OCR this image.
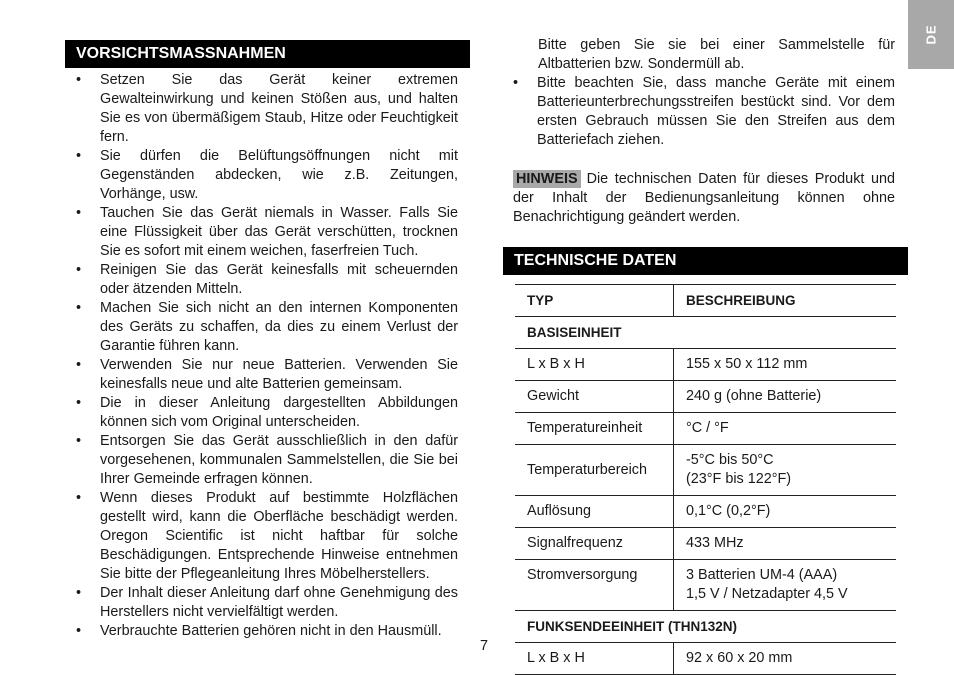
DE
VORSICHTSMASSNAHMEN
• Setzen Sie das Gerät keiner extremen Gewalteinwirkung und keinen Stößen aus, und halten Sie es von übermäßigem Staub, Hitze oder Feuchtigkeit fern.
• Sie dürfen die Belüftungsöffnungen nicht mit Gegenständen abdecken, wie z.B. Zeitungen, Vorhänge, usw.
• Tauchen Sie das Gerät niemals in Wasser. Falls Sie eine Flüssigkeit über das Gerät verschütten, trocknen Sie es sofort mit einem weichen, faserfreien Tuch.
• Reinigen Sie das Gerät keinesfalls mit scheuernden oder ätzenden Mitteln.
• Machen Sie sich nicht an den internen Komponenten des Geräts zu schaffen, da dies zu einem Verlust der Garantie führen kann.
• Verwenden Sie nur neue Batterien. Verwenden Sie keinesfalls neue und alte Batterien gemeinsam.
• Die in dieser Anleitung dargestellten Abbildungen können sich vom Original unterscheiden.
• Entsorgen Sie das Gerät ausschließlich in den dafür vorgesehenen, kommunalen Sammelstellen, die Sie bei Ihrer Gemeinde erfragen können.
• Wenn dieses Produkt auf bestimmte Holzflächen gestellt wird, kann die Oberfläche beschädigt werden. Oregon Scientific ist nicht haftbar für solche Beschädigungen. Entsprechende Hinweise entnehmen Sie bitte der Pflegeanleitung Ihres Möbelherstellers.
• Der Inhalt dieser Anleitung darf ohne Genehmigung des Herstellers nicht vervielfältigt werden.
• Verbrauchte Batterien gehören nicht in den Hausmüll.
Bitte geben Sie sie bei einer Sammelstelle für Altbatterien bzw. Sondermüll ab.
• Bitte beachten Sie, dass manche Geräte mit einem Batterieunterbrechungsstreifen bestückt sind. Vor dem ersten Gebrauch müssen Sie den Streifen aus dem Batteriefach ziehen.
HINWEIS Die technischen Daten für dieses Produkt und der Inhalt der Bedienungsanleitung können ohne Benachrichtigung geändert werden.
TECHNISCHE DATEN
TYP	BESCHREIBUNG
BASISEINHEIT	
L x B x H	155 x 50 x 112 mm
Gewicht	240 g (ohne Batterie)
Temperatureinheit	°C / °F
Temperaturbereich	-5°C bis 50°C
(23°F bis 122°F)

Auflösung	0,1°C (0,2°F)
Signalfrequenz	433 MHz
Stromversorgung	3 Batterien UM-4 (AAA)
1,5 V / Netzadapter 4,5 V

FUNKSENDEEINHEIT (THN132N)	
L x B x H	92 x 60 x 20 mm
7
